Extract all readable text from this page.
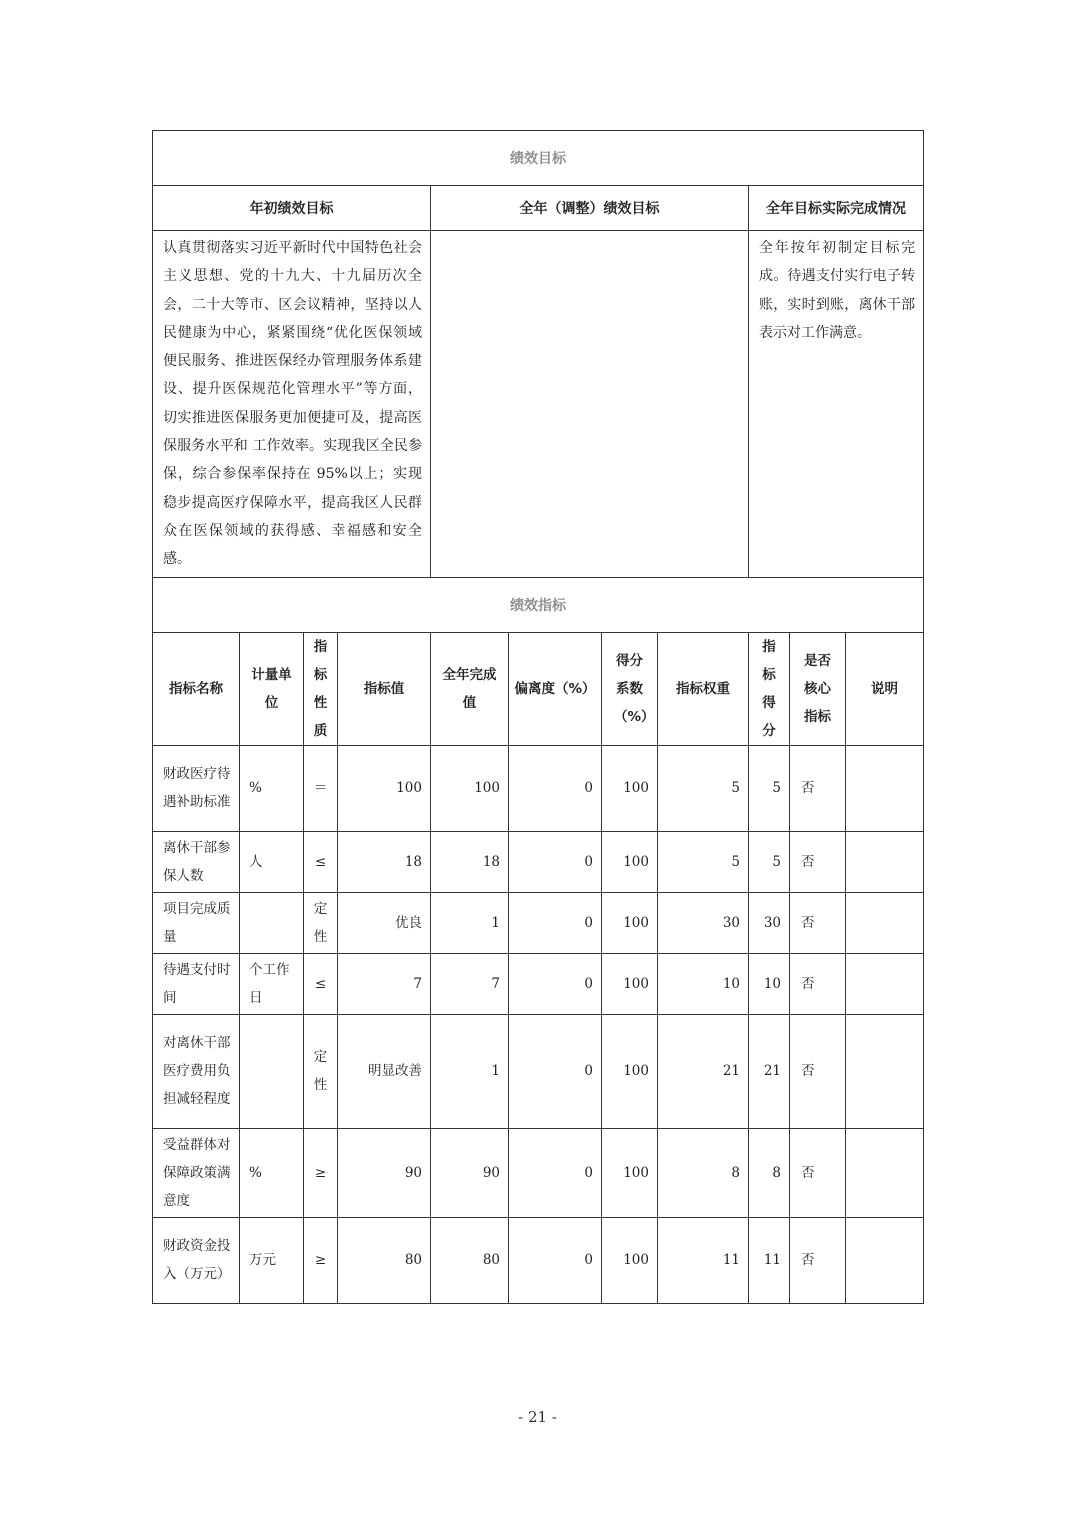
绩效目标										
年初绩效目标				全年（调整）绩效目标				全年目标实际完成情况		
认真贯彻落实习近平新时代中国特色社会主义思想、党的十九大、十九届历次全会，二十大等市、区会议精神，坚持以人民健康为中心，紧紧围绕“优化医保领域便民服务、推进医保经办管理服务体系建设、提升医保规范化管理水平”等方面，切实推进医保服务更加便捷可及，提高医保服务水平和 工作效率。实现我区全民参保，综合参保率保持在 95%以上；实现稳步提高医疗保障水平，提高我区人民群众在医保领域的获得感、幸福感和安全感。								全年按年初制定目标完成。待遇支付实行电子转账，实时到账，离休干部表示对工作满意。		
绩效指标										
指标名称	计量单位	指标性质	指标值	全年完成值	偏离度（%）	得分系数（%）	指标权重	指标得分	是否核心指标	说明
财政医疗待遇补助标准	%	＝	100	100	0	100	5	5	否	
离休干部参保人数	人	≤	18	18	0	100	5	5	否	
项目完成质量		定性	优良	1	0	100	30	30	否	
待遇支付时间	个工作日	≤	7	7	0	100	10	10	否	
对离休干部医疗费用负担减轻程度		定性	明显改善	1	0	100	21	21	否	
受益群体对保障政策满意度	%	≥	90	90	0	100	8	8	否	
财政资金投入（万元）	万元	≥	80	80	0	100	11	11	否	
- 21 -
